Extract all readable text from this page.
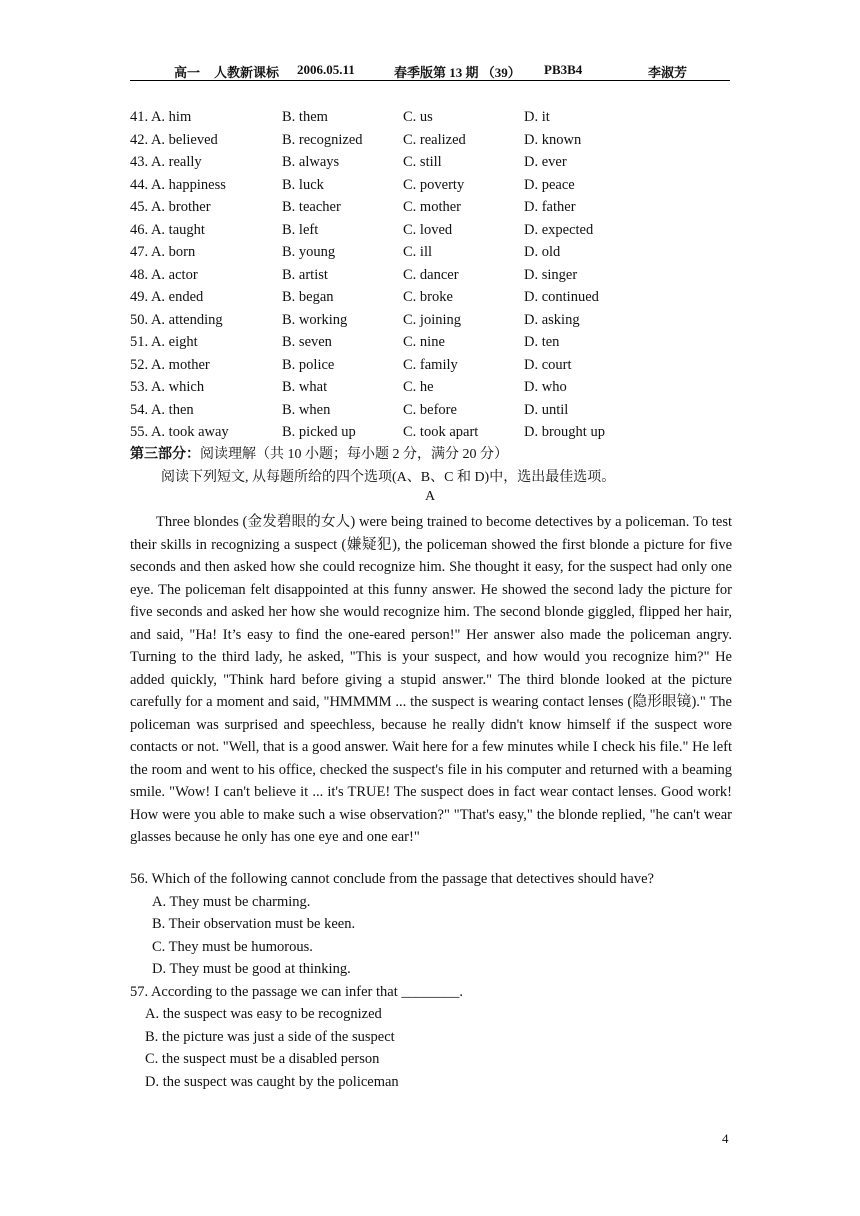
高一 人教新课标 2006.05.11	春季版第 13 期 （39） PB3B4	李淑芳
41. A. him	B. them	C. us	D. it
42. A. believed	B. recognized	C. realized	D. known
43. A. really	B. always	C. still	D. ever
44. A. happiness	B. luck	C. poverty	D. peace
45. A. brother	B. teacher	C. mother	D. father
46. A. taught	B. left	C. loved	D. expected
47. A. born	B. young	C. ill	D. old
48. A. actor	B. artist	C. dancer	D. singer
49. A. ended	B. began	C. broke	D. continued
50. A. attending	B. working	C. joining	D. asking
51. A. eight	B. seven	C. nine	D. ten
52. A. mother	B. police	C. family	D. court
53. A. which	B. what	C. he	D. who
54. A. then	B. when	C. before	D. until
55. A. took away	B. picked up	C. took apart	D. brought up
第三部分：阅读理解（共 10 小题；每小题 2 分，满分 20 分）
阅读下列短文, 从每题所给的四个选项(A、B、C 和 D)中，选出最佳选项。
A

Three blondes (金发碧眼的女人) were being trained to become detectives by a policeman. To test their skills in recognizing a suspect (嫌疑犯), the policeman showed the first blonde a picture for five seconds and then asked how she could recognize him. She thought it easy, for the suspect had only one eye. The policeman felt disappointed at this funny answer. He showed the second lady the picture for five seconds and asked her how she would recognize him. The second blonde giggled, flipped her hair, and said, "Ha! It’s easy to find the one-eared person!" Her answer also made the policeman angry. Turning to the third lady, he asked, "This is your suspect, and how would you recognize him?" He added quickly, "Think hard before giving a stupid answer." The third blonde looked at the picture carefully for a moment and said, "HMMMM ... the suspect is wearing contact lenses (隐形眼镜)." The policeman was surprised and speechless, because he really didn't know himself if the suspect wore contacts or not. "Well, that is a good answer. Wait here for a few minutes while I check his file." He left the room and went to his office, checked the suspect's file in his computer and returned with a beaming smile. "Wow! I can't believe it ... it's TRUE! The suspect does in fact wear contact lenses. Good work! How were you able to make such a wise observation?" "That's easy," the blonde replied, "he can't wear glasses because he only has one eye and one ear!"

56. Which of the following cannot conclude from the passage that detectives should have?
A. They must be charming.
B. Their observation must be keen.
C. They must be humorous.
D. They must be good at thinking.
57. According to the passage we can infer that ________.
A. the suspect was easy to be recognized
B. the picture was just a side of the suspect
C. the suspect must be a disabled person
D. the suspect was caught by the policeman
4
